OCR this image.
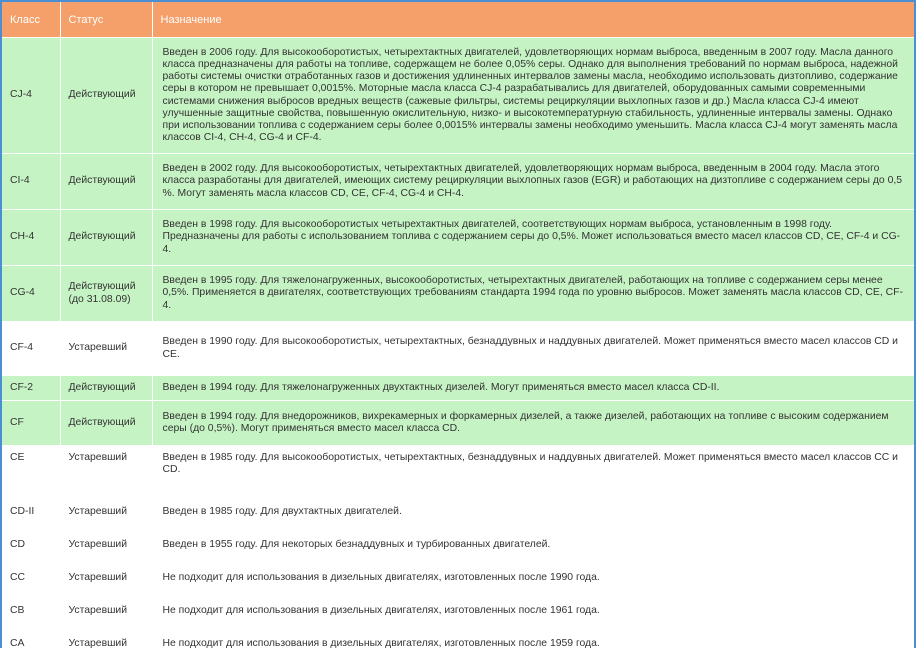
Класс	Статус	Назначение
CJ-4	Действующий	Введен в 2006 году. Для высокооборотистых, четырехтактных двигателей, удовлетворяющих нормам выброса, введенным в 2007 году. Масла данного класса предназначены для работы на топливе, содержащем не более 0,05% серы. Однако для выполнения требований по нормам выброса, надежной работы системы очистки отработанных газов и достижения удлиненных интервалов замены масла, необходимо использовать дизтопливо, содержание серы в котором не превышает 0,0015%. Моторные масла класса CJ-4 разрабатывались для двигателей, оборудованных самыми современными системами снижения выбросов вредных веществ (сажевые фильтры, системы рециркуляции выхлопных газов и др.) Масла класса CJ-4 имеют улучшенные защитные свойства, повышенную окислительную, низко- и высокотемпературную стабильность, удлиненные интервалы замены. Однако при использовании топлива с содержанием серы более 0,0015% интервалы замены необходимо уменьшить. Масла класса CJ-4 могут заменять масла классов CI-4, CH-4, CG-4 и CF-4.
CI-4	Действующий	Введен в 2002 году. Для высокооборотистых, четырехтактных двигателей, удовлетворяющих нормам выброса, введенным в 2004 году. Масла этого класса разработаны для двигателей, имеющих систему рециркуляции выхлопных газов (EGR) и работающих на дизтопливе с содержанием серы до 0,5 %. Могут заменять масла классов CD, CE, CF-4, CG-4 и CH-4.
CH-4	Действующий	Введен в 1998 году. Для высокооборотистых четырехтактных двигателей, соответствующих нормам выброса, установленным в 1998 году. Предназначены для работы с использованием топлива с содержанием серы до 0,5%. Может использоваться вместо масел классов CD, CE, CF-4 и CG-4.
CG-4	Действующий (до 31.08.09)	Введен в 1995 году. Для тяжелонагруженных, высокооборотистых, четырехтактных двигателей, работающих на топливе с содержанием серы менее 0,5%. Применяется в двигателях, соответствующих требованиям стандарта 1994 года по уровню выбросов. Может заменять масла классов CD, CE, CF-4.
CF-4	Устаревший	Введен в 1990 году. Для высокооборотистых, четырехтактных, безнаддувных и наддувных двигателей. Может применяться вместо масел классов CD и CE.
CF-2	Действующий	Введен в 1994 году. Для тяжелонагруженных двухтактных дизелей. Могут применяться вместо масел класса CD-II.
CF	Действующий	Введен в 1994 году. Для внедорожников, вихрекамерных и форкамерных дизелей, а также дизелей, работающих на топливе с высоким содержанием серы (до 0,5%). Могут применяться вместо масел класса CD.
CE	Устаревший	Введен в 1985 году. Для высокооборотистых, четырехтактных, безнаддувных и наддувных двигателей. Может применяться вместо масел классов CC и CD.
CD-II	Устаревший	Введен в 1985 году. Для двухтактных двигателей.
CD	Устаревший	Введен в 1955 году. Для некоторых безнаддувных и турбированных двигателей.
CC	Устаревший	Не подходит для использования в дизельных двигателях, изготовленных после 1990 года.
CB	Устаревший	Не подходит для использования в дизельных двигателях, изготовленных после 1961 года.
CA	Устаревший	Не подходит для использования в дизельных двигателях, изготовленных после 1959 года.
